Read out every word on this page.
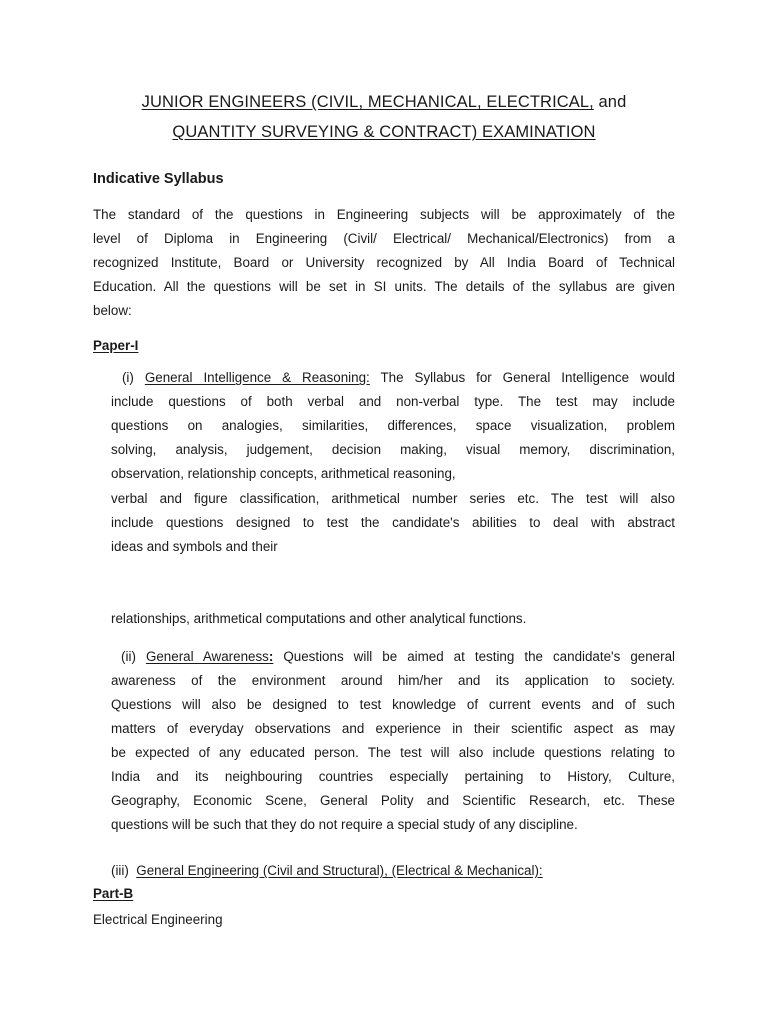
JUNIOR ENGINEERS (CIVIL, MECHANICAL, ELECTRICAL, and
QUANTITY SURVEYING & CONTRACT) EXAMINATION
Indicative Syllabus
The standard of the questions in Engineering subjects will be approximately of the
level of Diploma in Engineering (Civil/ Electrical/ Mechanical/Electronics) from a
recognized Institute, Board or University recognized by All India Board of Technical
Education. All the questions will be set in SI units. The details of the syllabus are given
below:
Paper-I
(i) General Intelligence & Reasoning: The Syllabus for General Intelligence would
include questions of both verbal and non-verbal type. The test may include
questions on analogies, similarities, differences, space visualization, problem
solving, analysis, judgement, decision making, visual memory, discrimination,
observation, relationship concepts, arithmetical reasoning,
verbal and figure classification, arithmetical number series etc. The test will also
include questions designed to test the candidate's abilities to deal with abstract
ideas and symbols and their
relationships, arithmetical computations and other analytical functions.
(ii) General Awareness: Questions will be aimed at testing the candidate's general
awareness of the environment around him/her and its application to society.
Questions will also be designed to test knowledge of current events and of such
matters of everyday observations and experience in their scientific aspect as may
be expected of any educated person. The test will also include questions relating to
India and its neighbouring countries especially pertaining to History, Culture,
Geography, Economic Scene, General Polity and Scientific Research, etc. These
questions will be such that they do not require a special study of any discipline.
(iii) General Engineering (Civil and Structural), (Electrical & Mechanical):
Part-B
Electrical Engineering
